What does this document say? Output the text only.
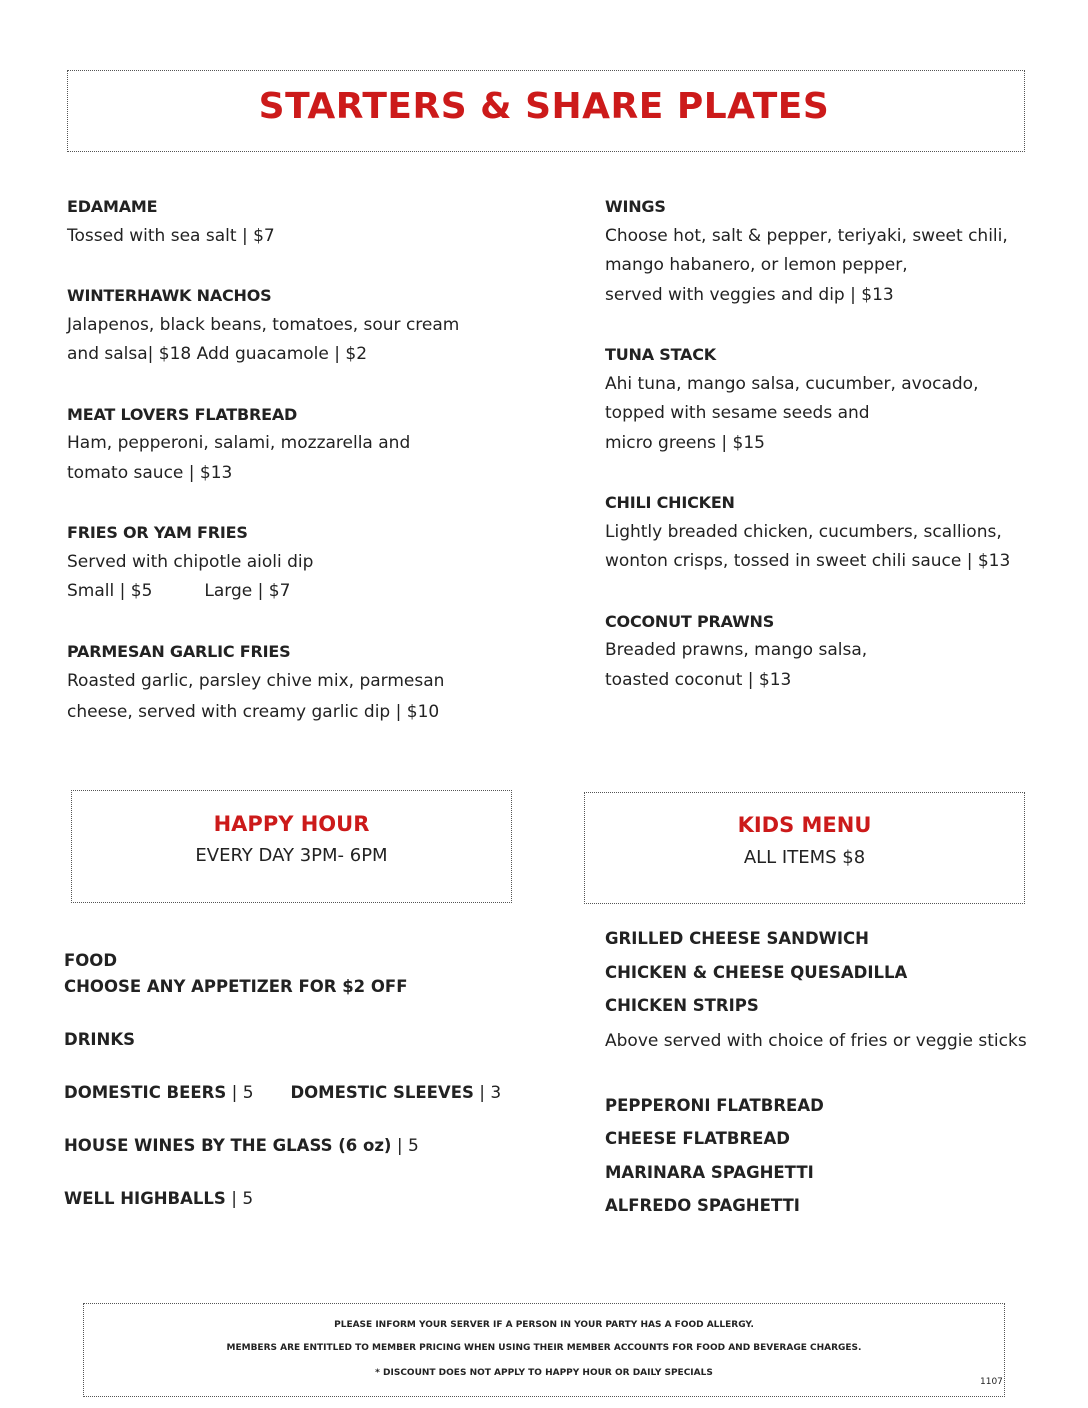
STARTERS & SHARE PLATES
EDAMAME
Tossed with sea salt | $7
WINTERHAWK NACHOS
Jalapenos, black beans, tomatoes, sour cream
and salsa| $18 Add guacamole | $2
MEAT LOVERS FLATBREAD
Ham, pepperoni, salami, mozzarella and
tomato sauce | $13
FRIES OR YAM FRIES
Served with chipotle aioli dip
Small | $5	Large | $7
PARMESAN GARLIC FRIES
Roasted garlic, parsley chive mix, parmesan
cheese, served with creamy garlic dip | $10
WINGS
Choose hot, salt & pepper, teriyaki, sweet chili,
mango habanero, or lemon pepper,
served with veggies and dip | $13
TUNA STACK
Ahi tuna, mango salsa, cucumber, avocado,
topped with sesame seeds and
micro greens | $15
CHILI CHICKEN
Lightly breaded chicken, cucumbers, scallions,
wonton crisps, tossed in sweet chili sauce | $13
COCONUT PRAWNS
Breaded prawns, mango salsa,
toasted coconut | $13
HAPPY HOUR
EVERY DAY 3PM- 6PM
KIDS MENU
ALL ITEMS $8
FOOD
CHOOSE ANY APPETIZER FOR $2 OFF
DRINKS
DOMESTIC BEERS | 5 DOMESTIC SLEEVES | 3
HOUSE WINES BY THE GLASS (6 oz) | 5
WELL HIGHBALLS | 5
GRILLED CHEESE SANDWICH
CHICKEN & CHEESE QUESADILLA
CHICKEN STRIPS
Above served with choice of fries or veggie sticks
PEPPERONI FLATBREAD
CHEESE FLATBREAD
MARINARA SPAGHETTI
ALFREDO SPAGHETTI
PLEASE INFORM YOUR SERVER IF A PERSON IN YOUR PARTY HAS A FOOD ALLERGY.
MEMBERS ARE ENTITLED TO MEMBER PRICING WHEN USING THEIR MEMBER ACCOUNTS FOR FOOD AND BEVERAGE CHARGES.
* DISCOUNT DOES NOT APPLY TO HAPPY HOUR OR DAILY SPECIALS
1107
